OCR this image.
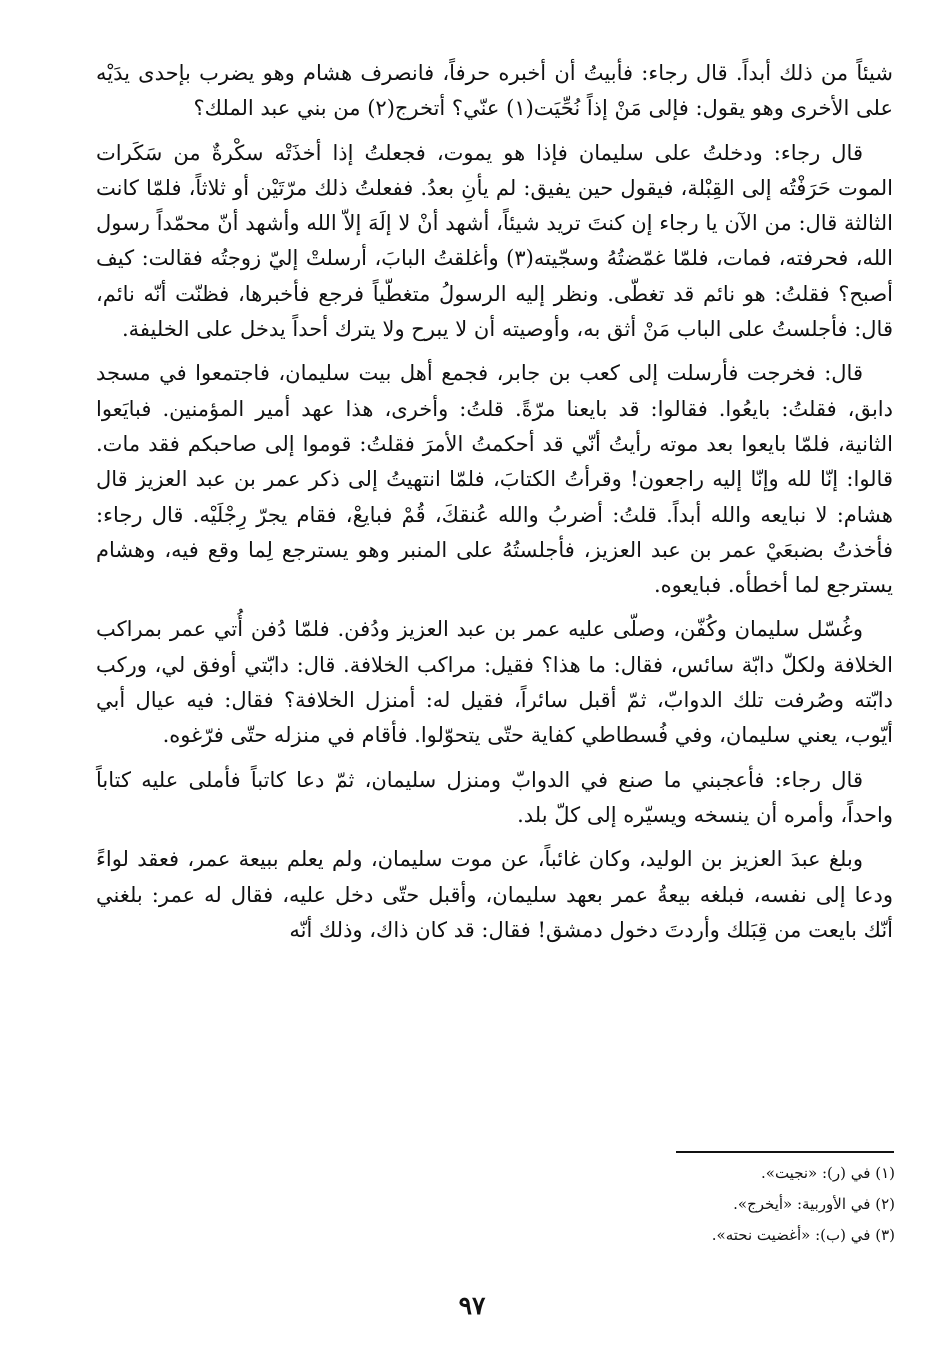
شيئاً من ذلك أبداً. قال رجاء: فأبيتُ أن أخبره حرفاً، فانصرف هشام وهو يضرب بإحدى يدَيْه على الأخرى وهو يقول: فإلى مَنْ إذاً نُحِّيَت(١) عنّي؟ أتخرج(٢) من بني عبد الملك؟

قال رجاء: ودخلتُ على سليمان فإذا هو يموت، فجعلتُ إذا أخذَتْه سكْرةٌ من سَكَرات الموت حَرَفْتُه إلى القِبْلة، فيقول حين يفيق: لم يأنِ بعدُ. ففعلتُ ذلك مرّتَيْن أو ثلاثاً، فلمّا كانت الثالثة قال: من الآن يا رجاء إن كنتَ تريد شيئاً، أشهد أنْ لا إلَهَ إلاّ الله وأشهد أنّ محمّداً رسول الله، فحرفته، فمات، فلمّا غمّضتُهُ وسجّيته(٣) وأغلقتُ البابَ، أرسلتْ إليّ زوجتُه فقالت: كيف أصبح؟ فقلتُ: هو نائم قد تغطّى. ونظر إليه الرسولُ متغطّياً فرجع فأخبرها، فظنّت أنّه نائم، قال: فأجلستُ على الباب مَنْ أثق به، وأوصيته أن لا يبرح ولا يترك أحداً يدخل على الخليفة.

قال: فخرجت فأرسلت إلى كعب بن جابر، فجمع أهل بيت سليمان، فاجتمعوا في مسجد دابق، فقلتُ: بايعُوا. فقالوا: قد بايعنا مرّةً. قلتُ: وأخرى، هذا عهد أمير المؤمنين. فبايَعوا الثانية، فلمّا بايعوا بعد موته رأيتُ أنّي قد أحكمتُ الأمرَ فقلتُ: قوموا إلى صاحبكم فقد مات. قالوا: إنّا لله وإنّا إليه راجعون! وقرأتُ الكتابَ، فلمّا انتهيتُ إلى ذكر عمر بن عبد العزيز قال هشام: لا نبايعه والله أبداً. قلتُ: أضربُ والله عُنقكَ، قُمْ فبايعْ، فقام يجرّ رِجْلَيْه. قال رجاء: فأخذتُ بضبعَيْ عمر بن عبد العزيز، فأجلستُهُ على المنبر وهو يسترجع لِما وقع فيه، وهشام يسترجع لما أخطأه. فبايعوه.

وغُسّل سليمان وكُفّن، وصلّى عليه عمر بن عبد العزيز ودُفن. فلمّا دُفن أُتي عمر بمراكب الخلافة ولكلّ دابّة سائس، فقال: ما هذا؟ فقيل: مراكب الخلافة. قال: دابّتي أوفق لي، وركب دابّته وصُرفت تلك الدوابّ، ثمّ أقبل سائراً، فقيل له: أمنزل الخلافة؟ فقال: فيه عيال أبي أيّوب، يعني سليمان، وفي فُسطاطي كفاية حتّى يتحوّلوا. فأقام في منزله حتّى فرّغوه.

قال رجاء: فأعجبني ما صنع في الدوابّ ومنزل سليمان، ثمّ دعا كاتباً فأملى عليه كتاباً واحداً، وأمره أن ينسخه ويسيّره إلى كلّ بلد.

وبلغ عبدَ العزيز بن الوليد، وكان غائباً، عن موت سليمان، ولم يعلم ببيعة عمر، فعقد لواءً ودعا إلى نفسه، فبلغه بيعةُ عمر بعهد سليمان، وأقبل حتّى دخل عليه، فقال له عمر: بلغني أنّك بايعت من قِبَلك وأردتَ دخول دمشق! فقال: قد كان ذاك، وذلك أنّه

(١) في (ر): «نجيت».

(٢) في الأوربية: «أيخرج».

(٣) في (ب): «أغضيت نحته».

٩٧
